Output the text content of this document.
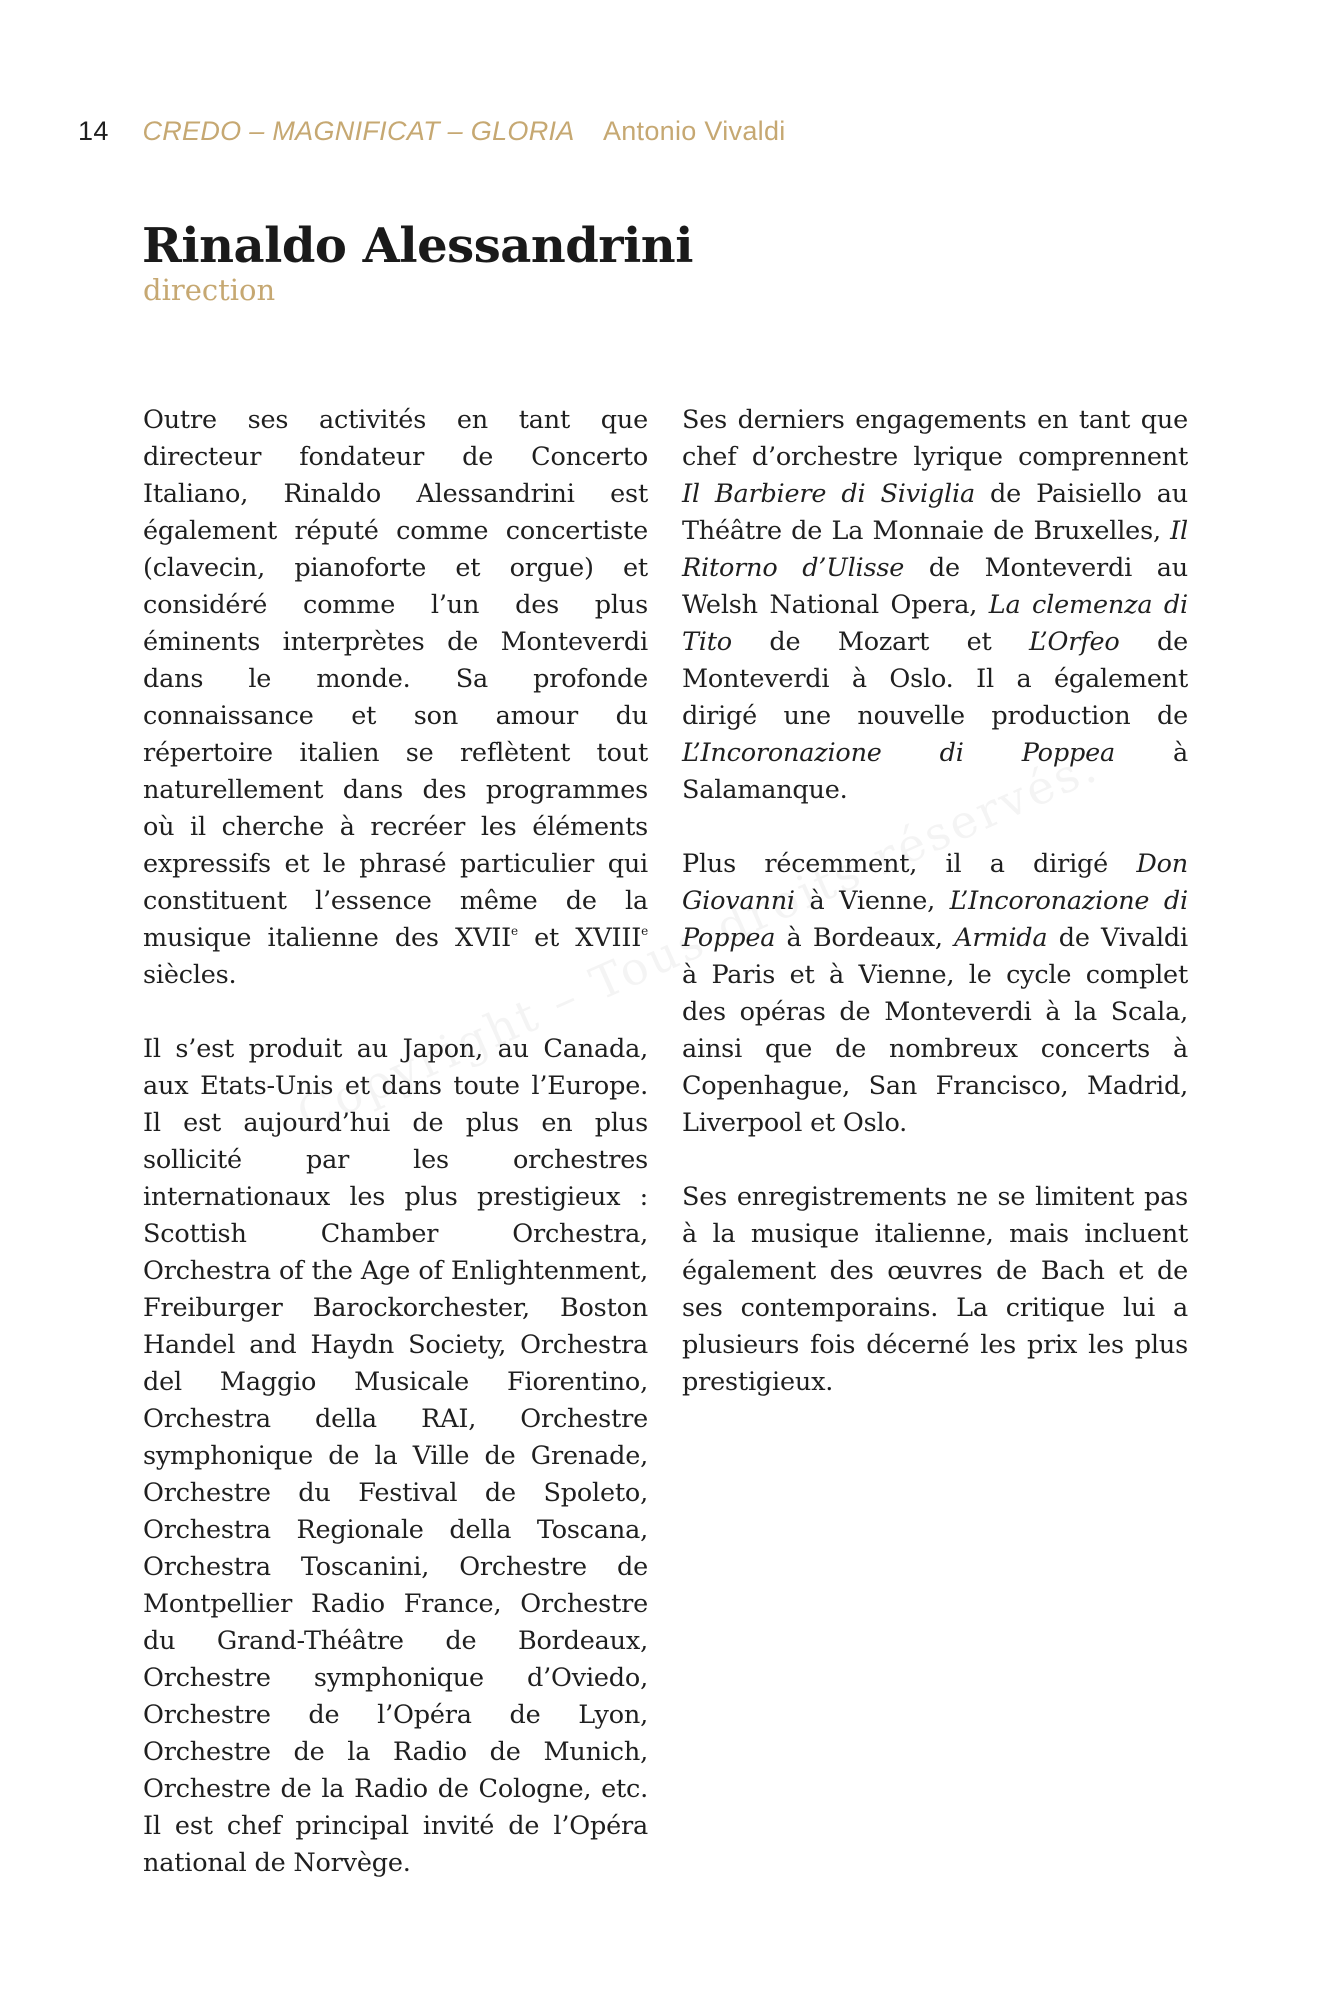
14 CREDO – MAGNIFICAT – GLORIA Antonio Vivaldi
Rinaldo Alessandrini
direction

Outre ses activités en tant que directeur fondateur de Concerto Italiano, Rinaldo Alessandrini est également réputé comme concertiste (clavecin, pianoforte et orgue) et considéré comme l’un des plus éminents interprètes de Monteverdi dans le monde. Sa profonde connaissance et son amour du répertoire italien se reflètent tout naturellement dans des programmes où il cherche à recréer les éléments expressifs et le phrasé particulier qui constituent l’essence même de la musique italienne des XVIIe et XVIIIe siècles.

Il s’est produit au Japon, au Canada, aux Etats-Unis et dans toute l’Europe. Il est aujourd’hui de plus en plus sollicité par les orchestres internationaux les plus prestigieux : Scottish Chamber Orchestra, Orchestra of the Age of Enlightenment, Freiburger Barockorchester, Boston Handel and Haydn Society, Orchestra del Maggio Musicale Fiorentino, Orchestra della RAI, Orchestre symphonique de la Ville de Grenade, Orchestre du Festival de Spoleto, Orchestra Regionale della Toscana, Orchestra Toscanini, Orchestre de Montpellier Radio France, Orchestre du Grand-Théâtre de Bordeaux, Orchestre symphonique d’Oviedo, Orchestre de l’Opéra de Lyon, Orchestre de la Radio de Munich, Orchestre de la Radio de Cologne, etc. Il est chef principal invité de l’Opéra national de Norvège.

Ses derniers engagements en tant que chef d’orchestre lyrique comprennent Il Barbiere di Siviglia de Paisiello au Théâtre de La Monnaie de Bruxelles, Il Ritorno d’Ulisse de Monteverdi au Welsh National Opera, La clemenza di Tito de Mozart et L’Orfeo de Monteverdi à Oslo. Il a également dirigé une nouvelle production de L’Incoronazione di Poppea à Salamanque.

Plus récemment, il a dirigé Don Giovanni à Vienne, L’Incoronazione di Poppea à Bordeaux, Armida de Vivaldi à Paris et à Vienne, le cycle complet des opéras de Monteverdi à la Scala, ainsi que de nombreux concerts à Copenhague, San Francisco, Madrid, Liverpool et Oslo.

Ses enregistrements ne se limitent pas à la musique italienne, mais incluent également des œuvres de Bach et de ses contemporains. La critique lui a plusieurs fois décerné les prix les plus prestigieux.
